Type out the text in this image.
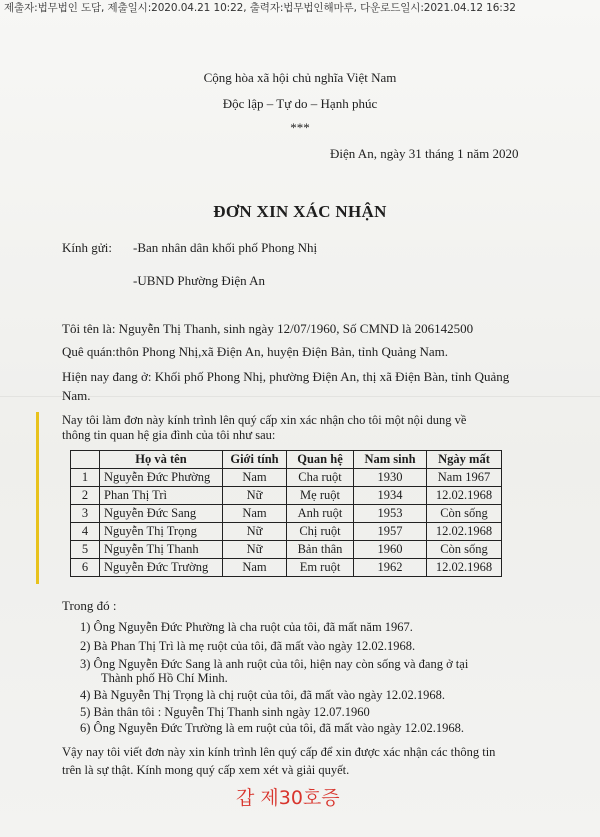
제출자:법무법인 도담, 제출일시:2020.04.21 10:22, 출력자:법무법인해마루, 다운로드일시:2021.04.12 16:32
Cộng hòa xã hội chủ nghĩa Việt Nam
Độc lập – Tự do – Hạnh phúc
***
Điện An, ngày 31 tháng 1 năm 2020
ĐƠN XIN XÁC NHẬN
Kính gửi: -Ban nhân dân khối phố Phong Nhị
-UBND Phường Điện An
Tôi tên là: Nguyễn Thị Thanh, sinh ngày 12/07/1960, Số CMND là 206142500
Quê quán:thôn Phong Nhị,xã Điện An, huyện Điện Bản, tỉnh Quảng Nam.
Hiện nay đang ở: Khối phố Phong Nhị, phường Điện An, thị xã Điện Bàn, tỉnh Quảng
Nam.
Nay tôi làm đơn này kính trình lên quý cấp xin xác nhận cho tôi một nội dung về
thông tin quan hệ gia đình của tôi như sau:
	Họ và tên	Giới tính	Quan hệ	Nam sinh	Ngày mất
1	Nguyễn Đức Phường	Nam	Cha ruột	1930	Nam 1967
2	Phan Thị Trì	Nữ	Mẹ ruột	1934	12.02.1968
3	Nguyễn Đức Sang	Nam	Anh ruột	1953	Còn sống
4	Nguyễn Thị Trọng	Nữ	Chị ruột	1957	12.02.1968
5	Nguyễn Thị Thanh	Nữ	Bản thân	1960	Còn sống
6	Nguyễn Đức Trường	Nam	Em ruột	1962	12.02.1968
Trong đó :
1) Ông Nguyễn Đức Phường là cha ruột của tôi, đã mất năm 1967.
2) Bà Phan Thị Trì là mẹ ruột của tôi, đã mất vào ngày 12.02.1968.
3) Ông Nguyễn Đức Sang là anh ruột của tôi, hiện nay còn sống và đang ở tại
Thành phố Hồ Chí Minh.
4) Bà Nguyễn Thị Trọng là chị ruột của tôi, đã mất vào ngày 12.02.1968.
5) Bản thân tôi : Nguyễn Thị Thanh sinh ngày 12.07.1960
6) Ông Nguyễn Đức Trường là em ruột của tôi, đã mất vào ngày 12.02.1968.
Vậy nay tôi viết đơn này xin kính trình lên quý cấp để xin được xác nhận các thông tin
trên là sự thật. Kính mong quý cấp xem xét và giải quyết.
갑 제30호증
